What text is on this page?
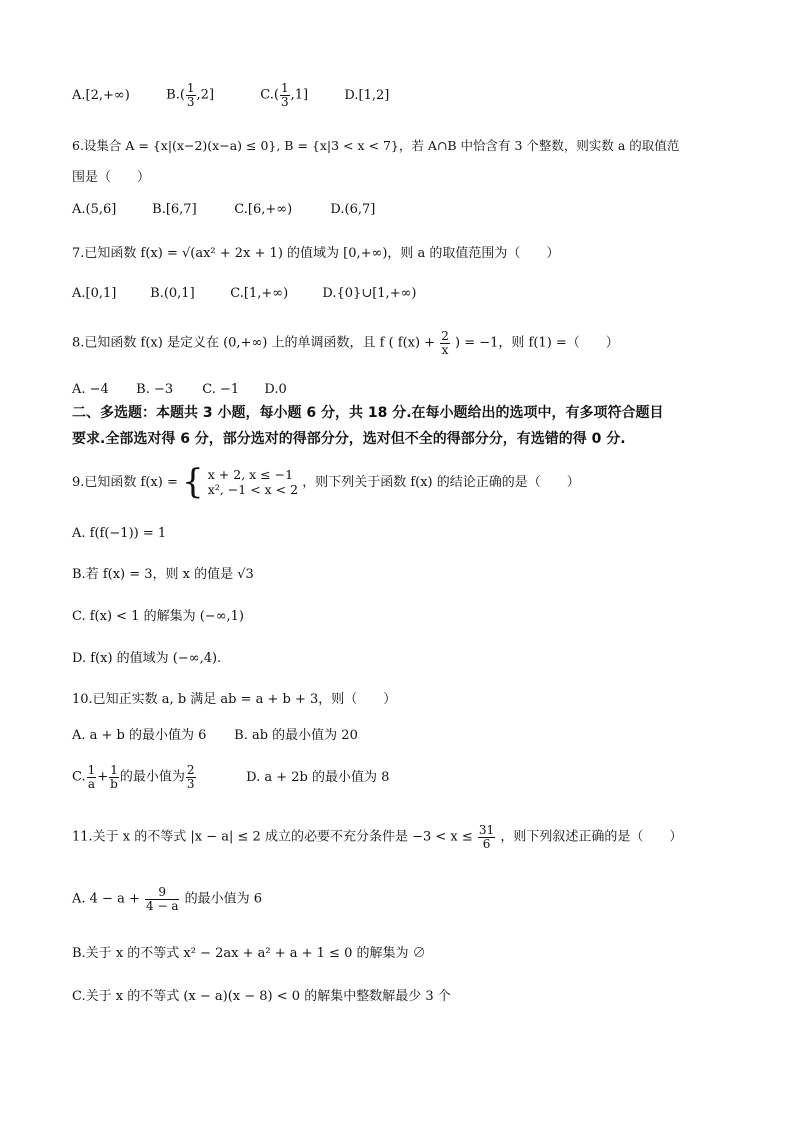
A.[2,+∞)	$B.( \frac{1}{3} ,2]$	$C.( \frac{1}{3} ,1]$	D.[1,2]
6.设集合 A = {x|(x−2)(x−a) ≤ 0}, B = {x|3 < x < 7}，若 A∩B 中恰含有 3 个整数，则实数 a 的取值范
围是（　　）
A.(5,6]	B.[6,7]	C.[6,+∞)	D.(6,7]
7.已知函数 f(x) = √(ax² + 2x + 1) 的值域为 [0,+∞)，则 a 的取值范围为（　　）
A.[0,1]	B.(0,1]	C.[1,+∞)	D.{0}∪[1,+∞)
8.已知函数 f(x) 是定义在 (0,+∞) 上的单调函数，且 f ( $f(x) + \frac{2}{x}$ ) = −1，则 f(1) =（　　）
A. −4 B. −3 C. −1 D.0
二、多选题：本题共 3 小题，每小题 6 分，共 18 分.在每小题给出的选项中，有多项符合题目
要求.全部选对得 6 分，部分选对的得部分分，选对但不全的得部分分，有选错的得 0 分.
9.已知函数 f(x) = { x + 2, x ≤ −1
x², −1 < x < 2 ，则下列关于函数 f(x) 的结论正确的是（　　）
A. f(f(−1)) = 1
B.若 f(x) = 3，则 x 的值是 √3
C. f(x) < 1 的解集为 (−∞,1)
D. f(x) 的值域为 (−∞,4).
10.已知正实数 a, b 满足 ab = a + b + 3，则（　　）
A. a + b 的最小值为 6 B. ab 的最小值为 20
C. $\frac{1}{a} + \frac{1}{b}$ 的最小值为 $\frac{2}{3}$	D. a + 2b 的最小值为 8
11.关于 x 的不等式 |x − a| ≤ 2 成立的必要不充分条件是 $-3 < x \le \frac{31}{6}$ ，则下列叙述正确的是（　　）
A. $4 - a + \frac{9}{4 - a}$ 的最小值为 6
B.关于 x 的不等式 x² − 2ax + a² + a + 1 ≤ 0 的解集为 ∅
C.关于 x 的不等式 (x − a)(x − 8) < 0 的解集中整数解最少 3 个
